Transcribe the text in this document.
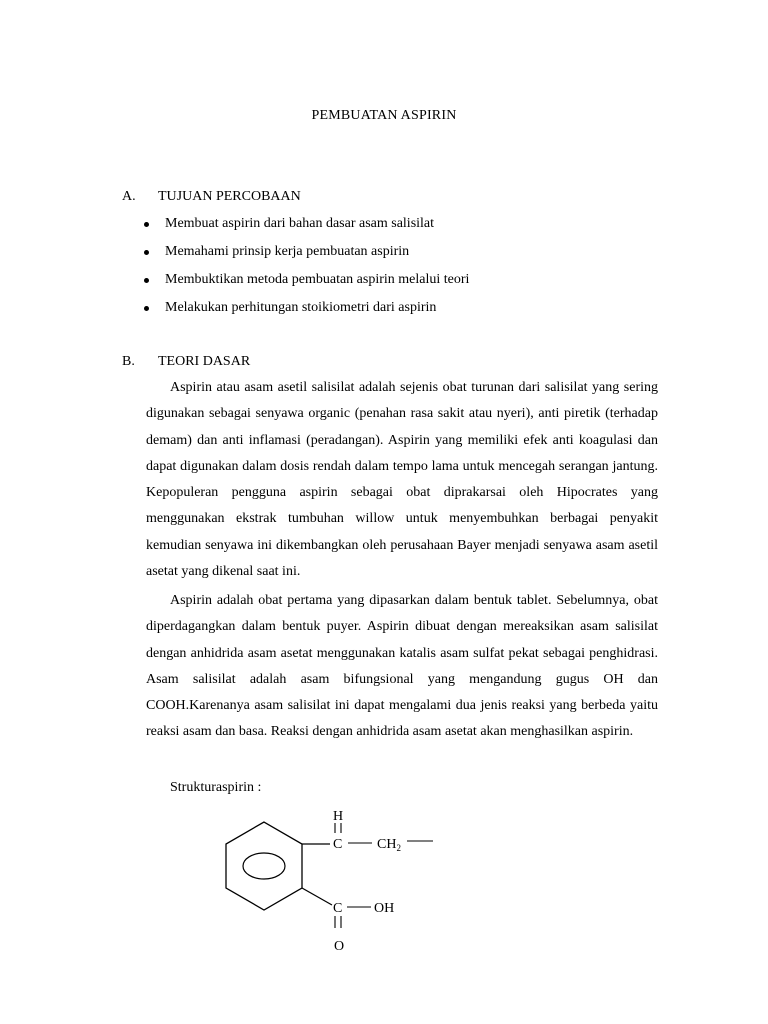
PEMBUATAN ASPIRIN
A. TUJUAN PERCOBAAN
Membuat aspirin dari bahan dasar asam salisilat
Memahami prinsip kerja pembuatan aspirin
Membuktikan metoda pembuatan aspirin melalui teori
Melakukan perhitungan stoikiometri dari aspirin
B. TEORI DASAR

Aspirin atau asam asetil salisilat adalah sejenis obat turunan dari salisilat yang sering digunakan sebagai senyawa organic (penahan rasa sakit atau nyeri), anti piretik (terhadap demam) dan anti inflamasi (peradangan). Aspirin yang memiliki efek anti koagulasi dan dapat digunakan dalam dosis rendah dalam tempo lama untuk mencegah serangan jantung. Kepopuleran pengguna aspirin sebagai obat diprakarsai oleh Hipocrates yang menggunakan ekstrak tumbuhan willow untuk menyembuhkan berbagai penyakit kemudian senyawa ini dikembangkan oleh perusahaan Bayer menjadi senyawa asam asetil asetat yang dikenal saat ini.

Aspirin adalah obat pertama yang dipasarkan dalam bentuk tablet. Sebelumnya, obat diperdagangkan dalam bentuk puyer. Aspirin dibuat dengan mereaksikan asam salisilat dengan anhidrida asam asetat menggunakan katalis asam sulfat pekat sebagai penghidrasi. Asam salisilat adalah asam bifungsional yang mengandung gugus OH dan COOH.Karenanya asam salisilat ini dapat mengalami dua jenis reaksi yang berbeda yaitu reaksi asam dan basa. Reaksi dengan anhidrida asam asetat akan menghasilkan aspirin.

Strukturaspirin :
H
C $CH_2$
C OH
O
